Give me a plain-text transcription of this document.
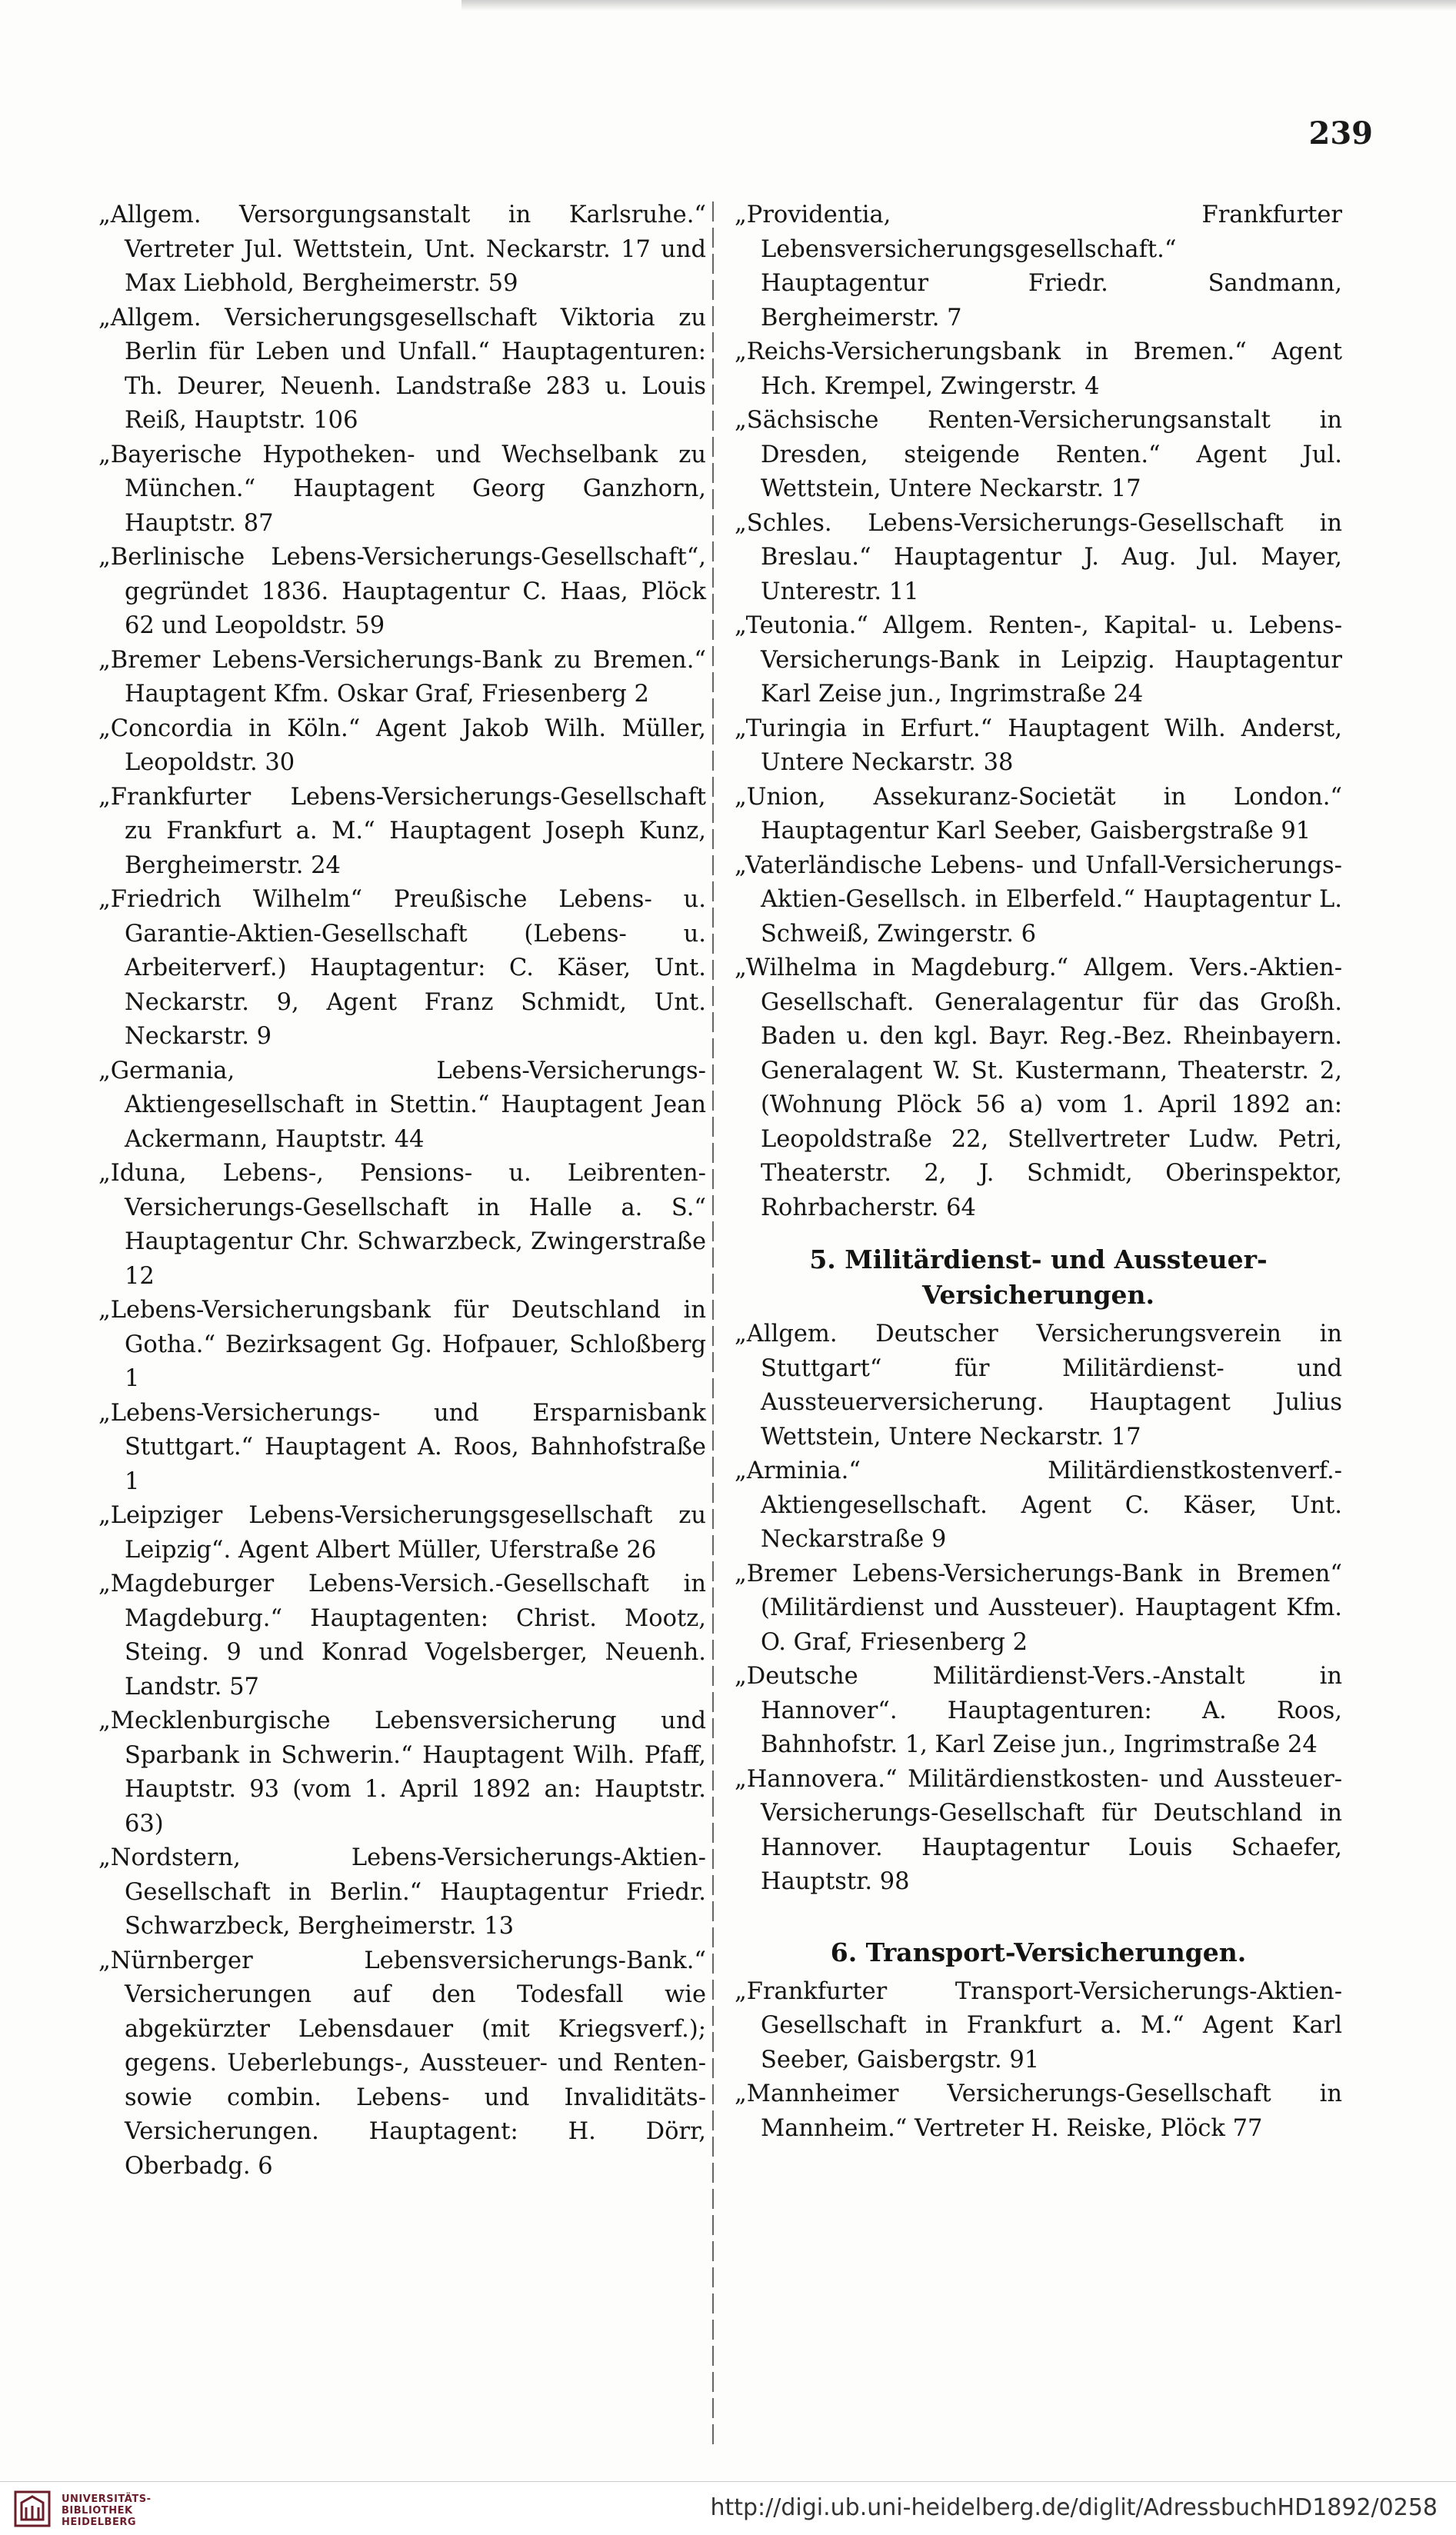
239

„Allgem. Versorgungsanstalt in Karlsruhe.“ Vertreter Jul. Wettstein, Unt. Neckarstr. 17 und Max Liebhold, Bergheimerstr. 59

„Allgem. Versicherungsgesellschaft Viktoria zu Berlin für Leben und Unfall.“ Hauptagenturen: Th. Deurer, Neuenh. Landstraße 283 u. Louis Reiß, Hauptstr. 106

„Bayerische Hypotheken- und Wechselbank zu München.“ Hauptagent Georg Ganzhorn, Hauptstr. 87

„Berlinische Lebens-Versicherungs-Gesellschaft“, gegründet 1836. Hauptagentur C. Haas, Plöck 62 und Leopoldstr. 59

„Bremer Lebens-Versicherungs-Bank zu Bremen.“ Hauptagent Kfm. Oskar Graf, Friesenberg 2

„Concordia in Köln.“ Agent Jakob Wilh. Müller, Leopoldstr. 30

„Frankfurter Lebens-Versicherungs-Gesellschaft zu Frankfurt a. M.“ Hauptagent Joseph Kunz, Bergheimerstr. 24

„Friedrich Wilhelm“ Preußische Lebens- u. Garantie-Aktien-Gesellschaft (Lebens- u. Arbeiterverf.) Hauptagentur: C. Käser, Unt. Neckarstr. 9, Agent Franz Schmidt, Unt. Neckarstr. 9

„Germania, Lebens-Versicherungs-Aktiengesellschaft in Stettin.“ Hauptagent Jean Ackermann, Hauptstr. 44

„Iduna, Lebens-, Pensions- u. Leibrenten-Versicherungs-Gesellschaft in Halle a. S.“ Hauptagentur Chr. Schwarzbeck, Zwingerstraße 12

„Lebens-Versicherungsbank für Deutschland in Gotha.“ Bezirksagent Gg. Hofpauer, Schloßberg 1

„Lebens-Versicherungs- und Ersparnisbank Stuttgart.“ Hauptagent A. Roos, Bahnhofstraße 1

„Leipziger Lebens-Versicherungsgesellschaft zu Leipzig“. Agent Albert Müller, Uferstraße 26

„Magdeburger Lebens-Versich.-Gesellschaft in Magdeburg.“ Hauptagenten: Christ. Mootz, Steing. 9 und Konrad Vogelsberger, Neuenh. Landstr. 57

„Mecklenburgische Lebensversicherung und Sparbank in Schwerin.“ Hauptagent Wilh. Pfaff, Hauptstr. 93 (vom 1. April 1892 an: Hauptstr. 63)

„Nordstern, Lebens-Versicherungs-Aktien-Gesellschaft in Berlin.“ Hauptagentur Friedr. Schwarzbeck, Bergheimerstr. 13

„Nürnberger Lebensversicherungs-Bank.“ Versicherungen auf den Todesfall wie abgekürzter Lebensdauer (mit Kriegsverf.); gegens. Ueberlebungs-, Aussteuer- und Renten- sowie combin. Lebens- und Invaliditäts-Versicherungen. Hauptagent: H. Dörr, Oberbadg. 6

„Providentia, Frankfurter Lebensversicherungsgesellschaft.“ Hauptagentur Friedr. Sandmann, Bergheimerstr. 7

„Reichs-Versicherungsbank in Bremen.“ Agent Hch. Krempel, Zwingerstr. 4

„Sächsische Renten-Versicherungsanstalt in Dresden, steigende Renten.“ Agent Jul. Wettstein, Untere Neckarstr. 17

„Schles. Lebens-Versicherungs-Gesellschaft in Breslau.“ Hauptagentur J. Aug. Jul. Mayer, Unterestr. 11

„Teutonia.“ Allgem. Renten-, Kapital- u. Lebens-Versicherungs-Bank in Leipzig. Hauptagentur Karl Zeise jun., Ingrimstraße 24

„Turingia in Erfurt.“ Hauptagent Wilh. Anderst, Untere Neckarstr. 38

„Union, Assekuranz-Societät in London.“ Hauptagentur Karl Seeber, Gaisbergstraße 91

„Vaterländische Lebens- und Unfall-Versicherungs-Aktien-Gesellsch. in Elberfeld.“ Hauptagentur L. Schweiß, Zwingerstr. 6

„Wilhelma in Magdeburg.“ Allgem. Vers.-Aktien-Gesellschaft. Generalagentur für das Großh. Baden u. den kgl. Bayr. Reg.-Bez. Rheinbayern. Generalagent W. St. Kustermann, Theaterstr. 2, (Wohnung Plöck 56 a) vom 1. April 1892 an: Leopoldstraße 22, Stellvertreter Ludw. Petri, Theaterstr. 2, J. Schmidt, Oberinspektor, Rohrbacherstr. 64

5. Militärdienst- und Aussteuer-Versicherungen.

„Allgem. Deutscher Versicherungsverein in Stuttgart“ für Militärdienst- und Aussteuerversicherung. Hauptagent Julius Wettstein, Untere Neckarstr. 17

„Arminia.“ Militärdienstkostenverf.-Aktiengesellschaft. Agent C. Käser, Unt. Neckarstraße 9

„Bremer Lebens-Versicherungs-Bank in Bremen“ (Militärdienst und Aussteuer). Hauptagent Kfm. O. Graf, Friesenberg 2

„Deutsche Militärdienst-Vers.-Anstalt in Hannover“. Hauptagenturen: A. Roos, Bahnhofstr. 1, Karl Zeise jun., Ingrimstraße 24

„Hannovera.“ Militärdienstkosten- und Aussteuer-Versicherungs-Gesellschaft für Deutschland in Hannover. Hauptagentur Louis Schaefer, Hauptstr. 98

6. Transport-Versicherungen.

„Frankfurter Transport-Versicherungs-Aktien-Gesellschaft in Frankfurt a. M.“ Agent Karl Seeber, Gaisbergstr. 91

„Mannheimer Versicherungs-Gesellschaft in Mannheim.“ Vertreter H. Reiske, Plöck 77

UNIVERSITÄTS-
BIBLIOTHEK
HEIDELBERG
http://digi.ub.uni-heidelberg.de/diglit/AdressbuchHD1892/0258
